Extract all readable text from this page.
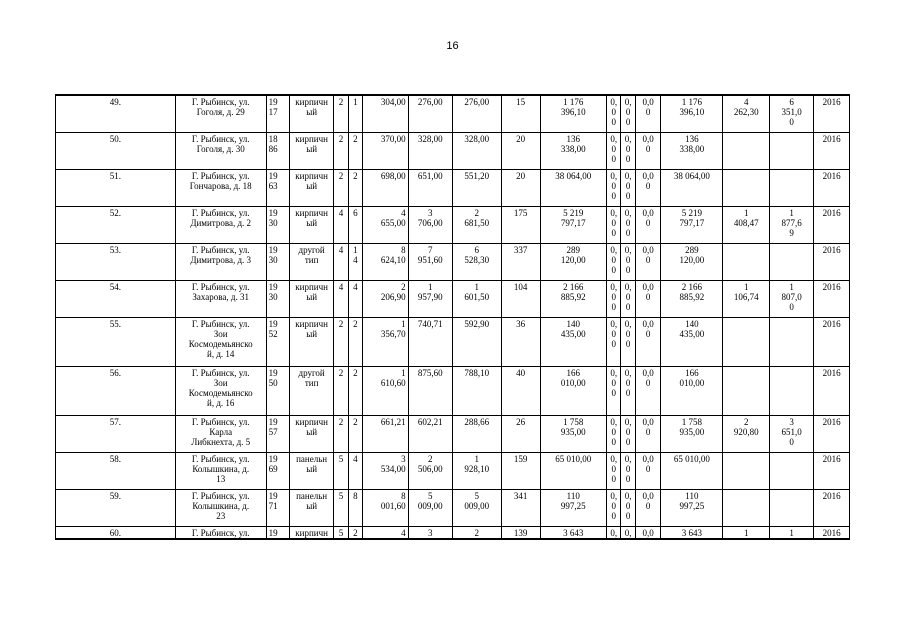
16
49.	Г. Рыбинск, ул.
Гоголя, д. 29	19
17	кирпичн
ый	2	1	304,00	276,00	276,00	15	1 176
396,10	0,
0
0	0,
0
0	0,0
0	1 176
396,10	4
262,30	6
351,0
0	2016
50.	Г. Рыбинск, ул.
Гоголя, д. 30	18
86	кирпичн
ый	2	2	370,00	328,00	328,00	20	136
338,00	0,
0
0	0,
0
0	0,0
0	136
338,00			2016
51.	Г. Рыбинск, ул.
Гончарова, д. 18	19
63	кирпичн
ый	2	2	698,00	651,00	551,20	20	38 064,00	0,
0
0	0,
0
0	0,0
0	38 064,00			2016
52.	Г. Рыбинск, ул.
Димитрова, д. 2	19
30	кирпичн
ый	4	6	4
655,00	3
706,00	2
681,50	175	5 219
797,17	0,
0
0	0,
0
0	0,0
0	5 219
797,17	1
408,47	1
877,6
9	2016
53.	Г. Рыбинск, ул.
Димитрова, д. 3	19
30	другой
тип	4	1
4	8
624,10	7
951,60	6
528,30	337	289
120,00	0,
0
0	0,
0
0	0,0
0	289
120,00			2016
54.	Г. Рыбинск, ул.
Захарова, д. 31	19
30	кирпичн
ый	4	4	2
206,90	1
957,90	1
601,50	104	2 166
885,92	0,
0
0	0,
0
0	0,0
0	2 166
885,92	1
106,74	1
807,0
0	2016
55.	Г. Рыбинск, ул.
Зои
Космодемьянско
й, д. 14	19
52	кирпичн
ый	2	2	1
356,70	740,71	592,90	36	140
435,00	0,
0
0	0,
0
0	0,0
0	140
435,00			2016
56.	Г. Рыбинск, ул.
Зои
Космодемьянско
й, д. 16	19
50	другой
тип	2	2	1
610,60	875,60	788,10	40	166
010,00	0,
0
0	0,
0
0	0,0
0	166
010,00			2016
57.	Г. Рыбинск, ул.
Карла
Либкнехта, д. 5	19
57	кирпичн
ый	2	2	661,21	602,21	288,66	26	1 758
935,00	0,
0
0	0,
0
0	0,0
0	1 758
935,00	2
920,80	3
651,0
0	2016
58.	Г. Рыбинск, ул.
Колышкина, д.
13	19
69	панельн
ый	5	4	3
534,00	2
506,00	1
928,10	159	65 010,00	0,
0
0	0,
0
0	0,0
0	65 010,00			2016
59.	Г. Рыбинск, ул.
Колышкина, д.
23	19
71	панельн
ый	5	8	8
001,60	5
009,00	5
009,00	341	110
997,25	0,
0
0	0,
0
0	0,0
0	110
997,25			2016
60.	Г. Рыбинск, ул.	19	кирпичн	5	2	4	3	2	139	3 643	0,	0,	0,0	3 643	1	1	2016
